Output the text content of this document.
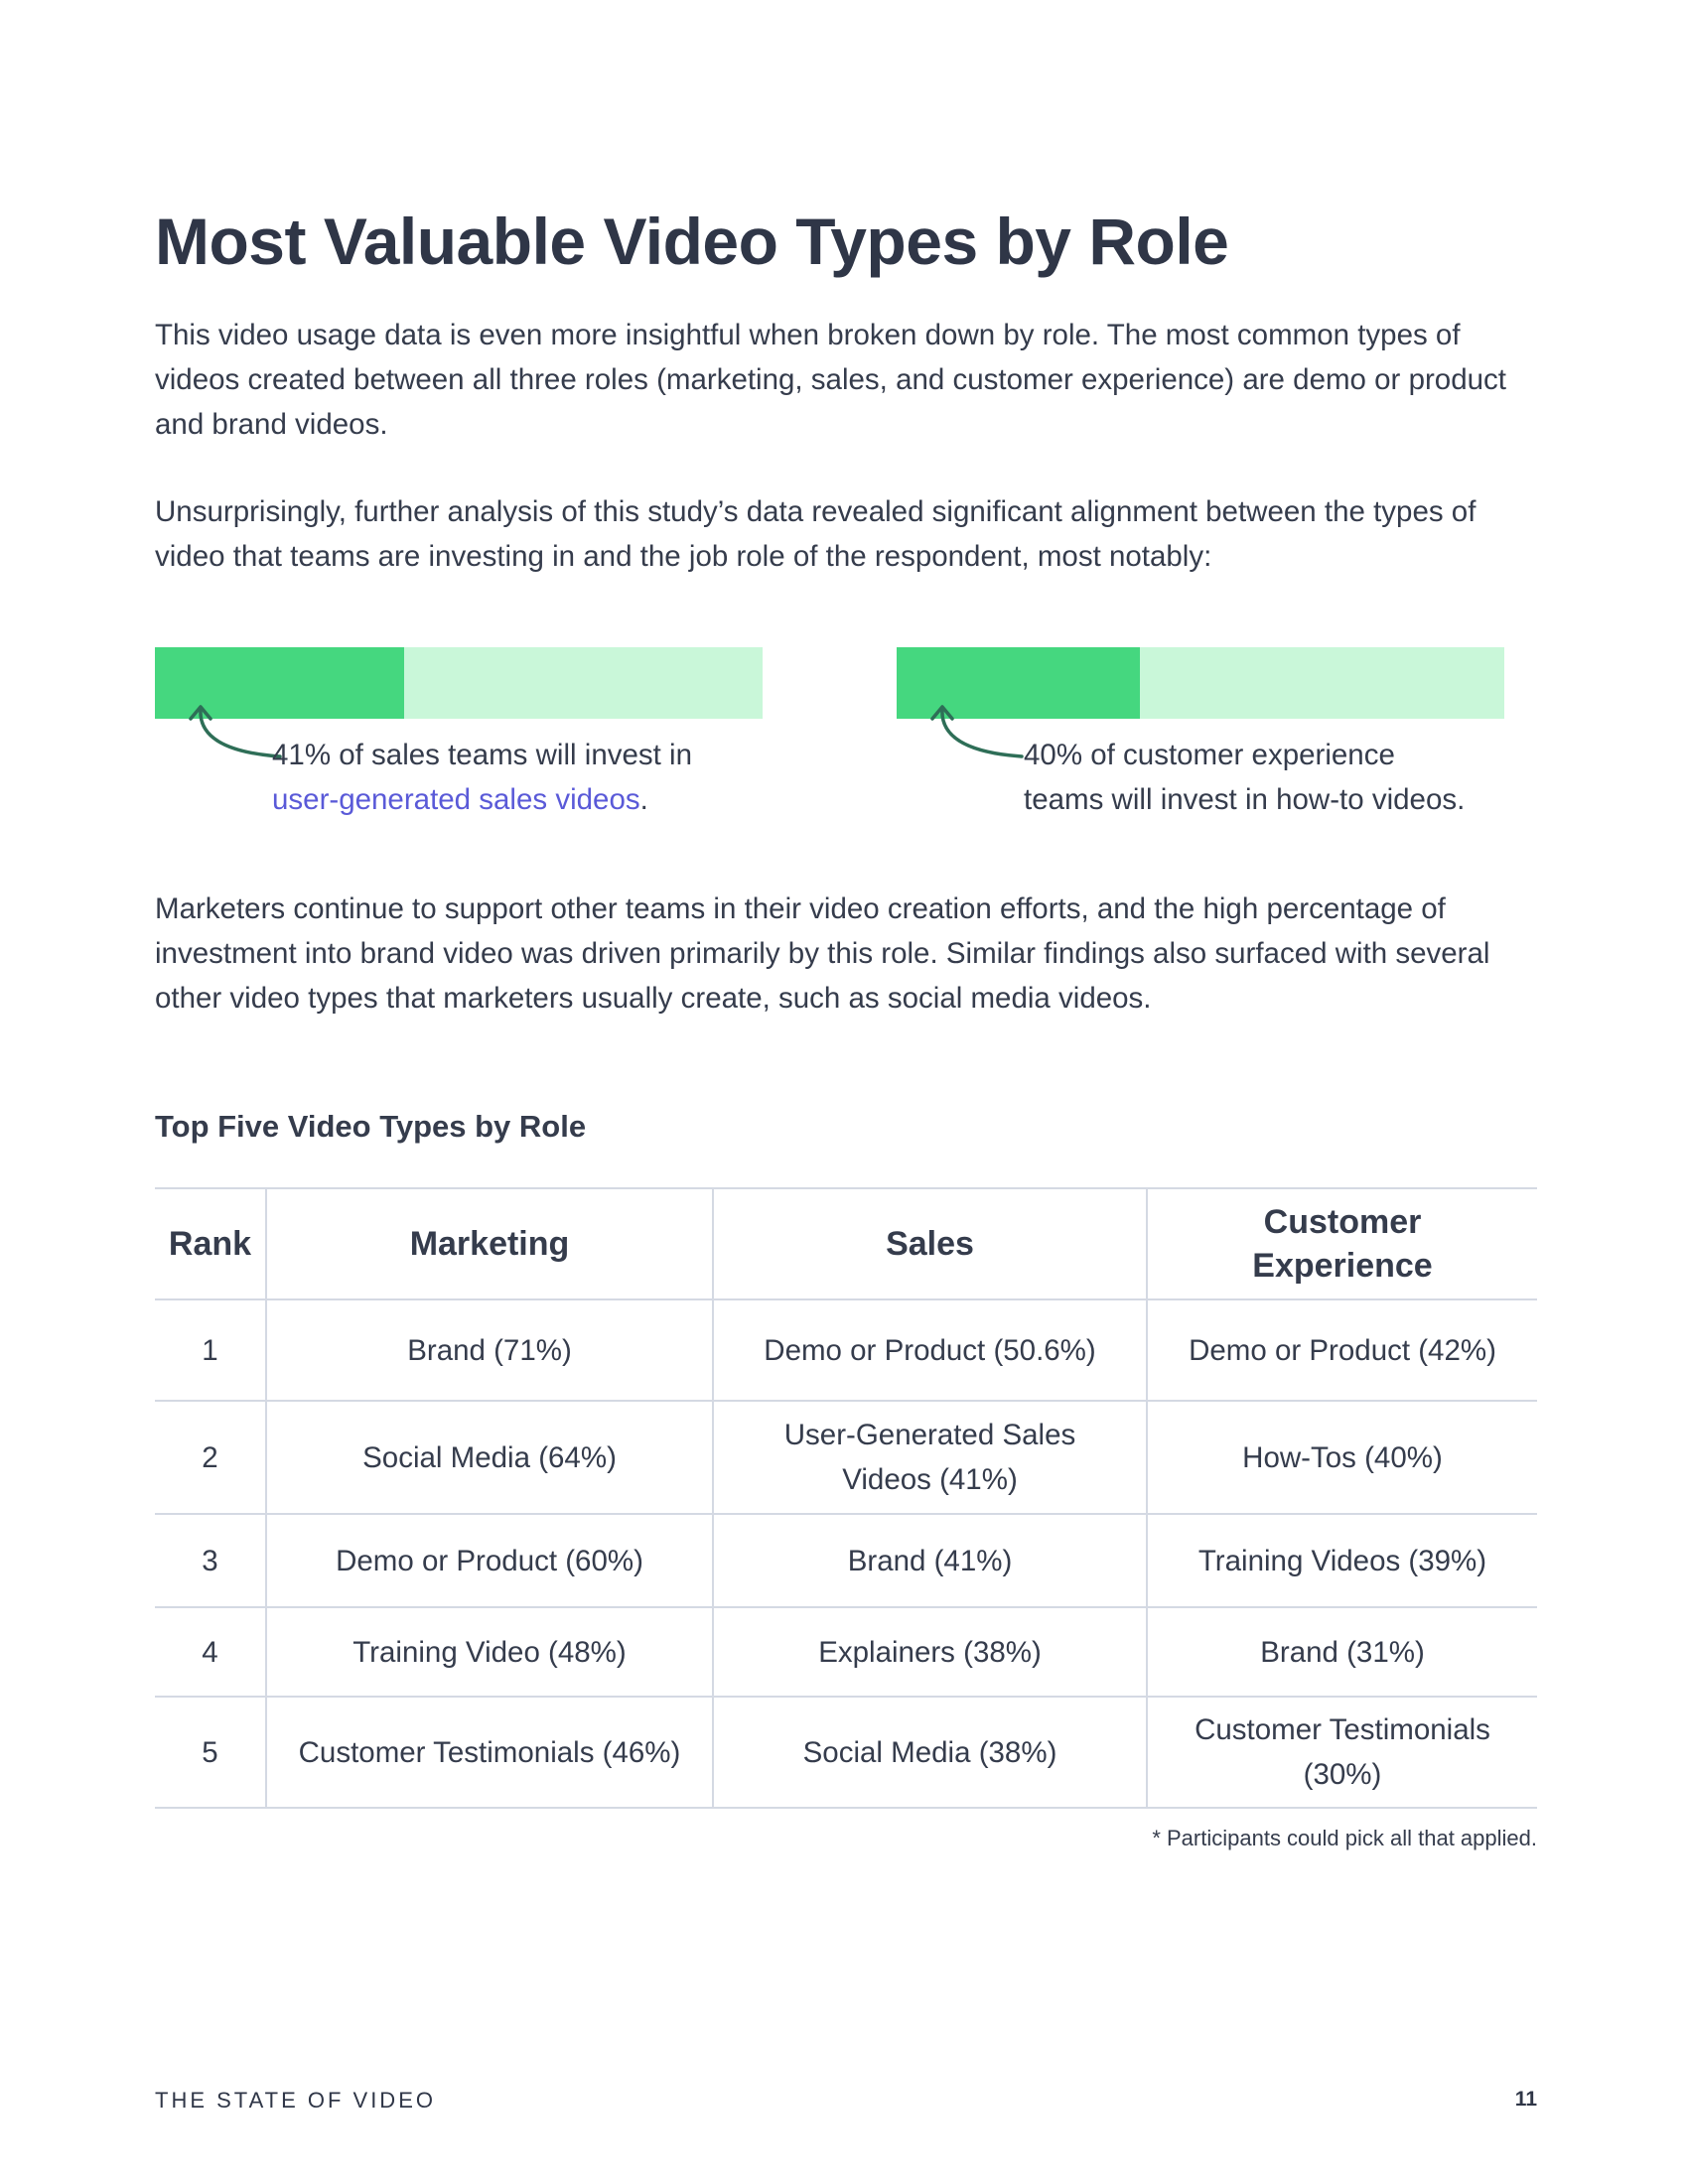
Most Valuable Video Types by Role

This video usage data is even more insightful when broken down by role. The most common types of videos created between all three roles (marketing, sales, and customer experience) are demo or product and brand videos.

Unsurprisingly, further analysis of this study’s data revealed significant alignment between the types of video that teams are investing in and the job role of the respondent, most notably:

41% of sales teams will invest in
user-generated sales videos.
40% of customer experience
teams will invest in how-to videos.

Marketers continue to support other teams in their video creation efforts, and the high percentage of investment into brand video was driven primarily by this role. Similar findings also surfaced with several other video types that marketers usually create, such as social media videos.

Top Five Video Types by Role
Rank	Marketing	Sales	Customer Experience
1	Brand (71%)	Demo or Product (50.6%)	Demo or Product (42%)
2	Social Media (64%)	User-Generated Sales Videos (41%)	How-Tos (40%)
3	Demo or Product (60%)	Brand (41%)	Training Videos (39%)
4	Training Video (48%)	Explainers (38%)	Brand (31%)
5	Customer Testimonials (46%)	Social Media (38%)	Customer Testimonials (30%)
* Participants could pick all that applied.
THE STATE OF VIDEO	11
